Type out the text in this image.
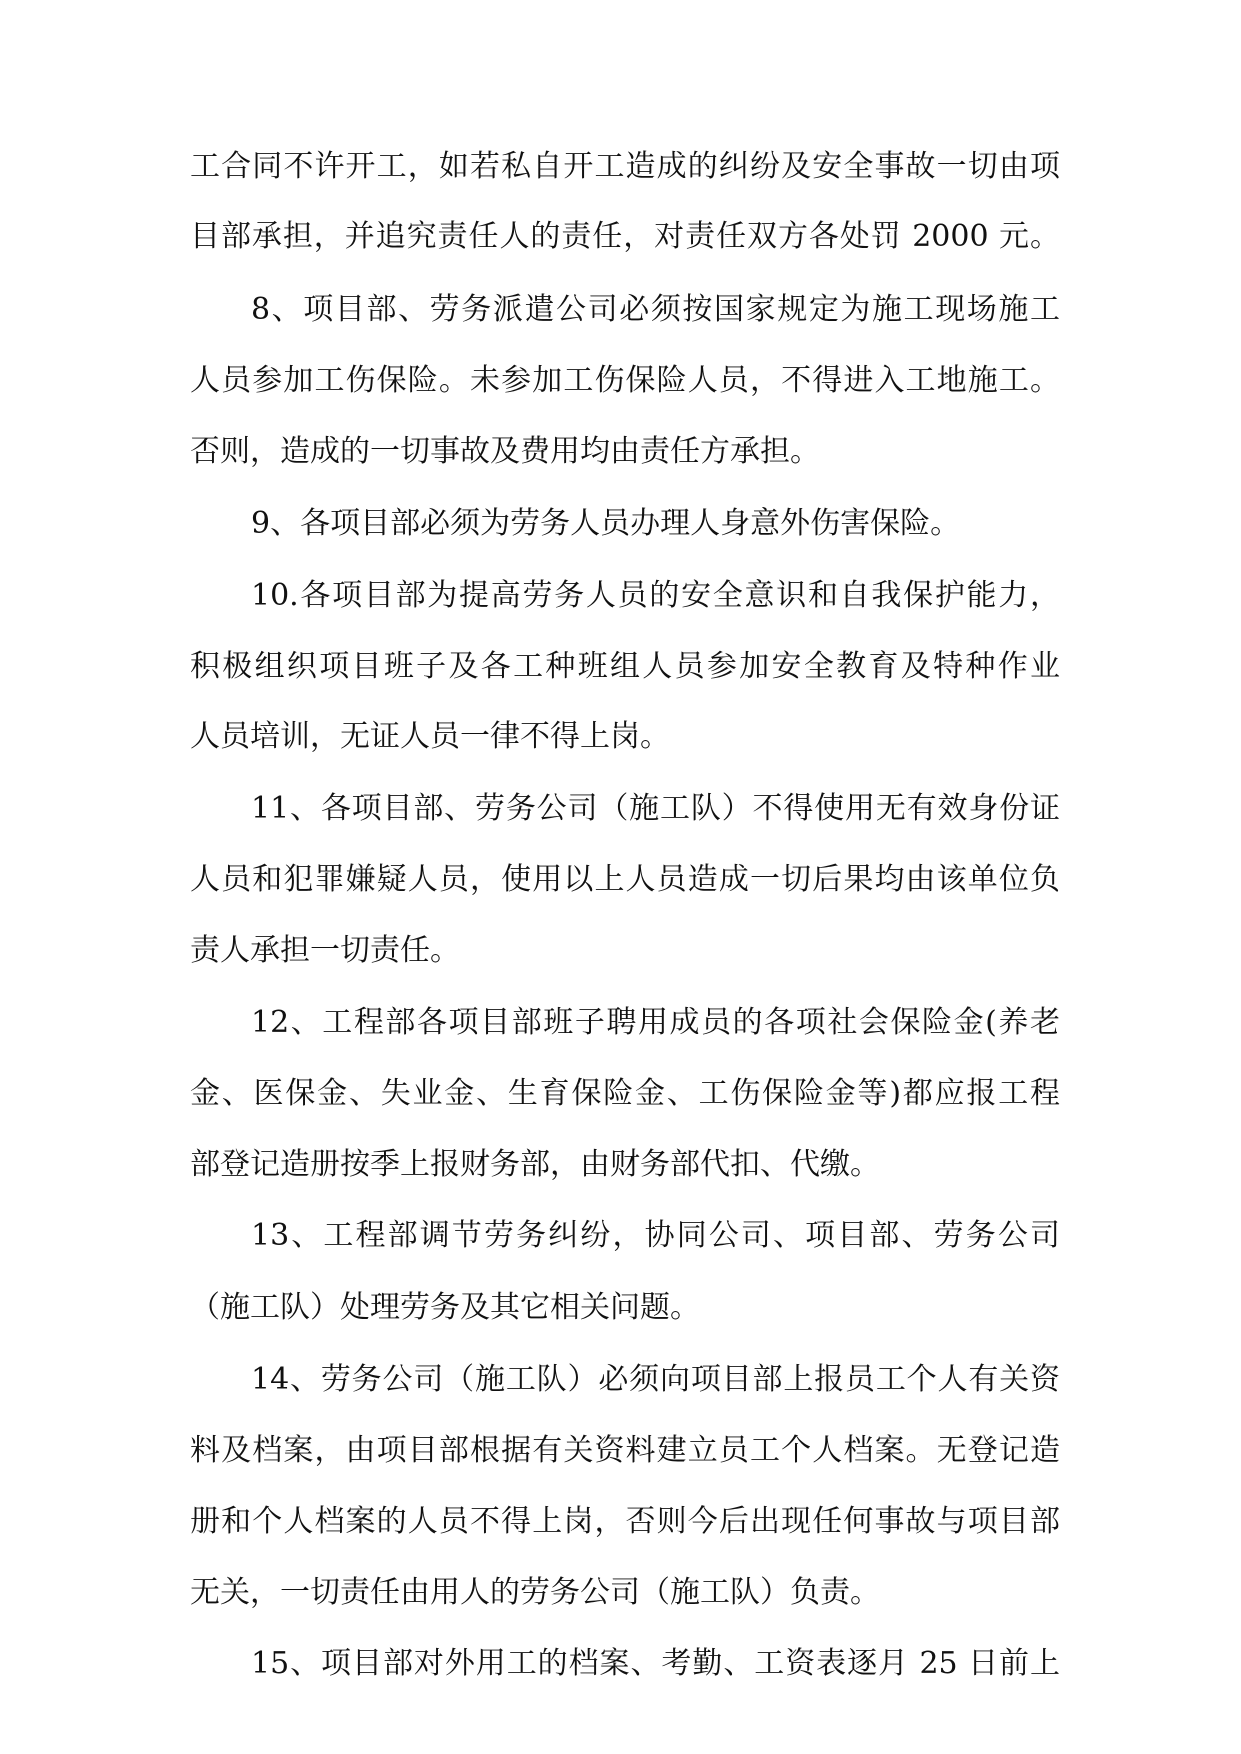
工合同不许开工，如若私自开工造成的纠纷及安全事故一切由项
目部承担，并追究责任人的责任，对责任双方各处罚 2000 元。
8、项目部、劳务派遣公司必须按国家规定为施工现场施工
人员参加工伤保险。未参加工伤保险人员，不得进入工地施工。
否则，造成的一切事故及费用均由责任方承担。
9、各项目部必须为劳务人员办理人身意外伤害保险。
10.各项目部为提高劳务人员的安全意识和自我保护能力，
积极组织项目班子及各工种班组人员参加安全教育及特种作业
人员培训，无证人员一律不得上岗。
11、各项目部、劳务公司（施工队）不得使用无有效身份证
人员和犯罪嫌疑人员，使用以上人员造成一切后果均由该单位负
责人承担一切责任。
12、工程部各项目部班子聘用成员的各项社会保险金(养老
金、医保金、失业金、生育保险金、工伤保险金等)都应报工程
部登记造册按季上报财务部，由财务部代扣、代缴。
13、工程部调节劳务纠纷，协同公司、项目部、劳务公司
（施工队）处理劳务及其它相关问题。
14、劳务公司（施工队）必须向项目部上报员工个人有关资
料及档案，由项目部根据有关资料建立员工个人档案。无登记造
册和个人档案的人员不得上岗，否则今后出现任何事故与项目部
无关，一切责任由用人的劳务公司（施工队）负责。
15、项目部对外用工的档案、考勤、工资表逐月 25 日前上
